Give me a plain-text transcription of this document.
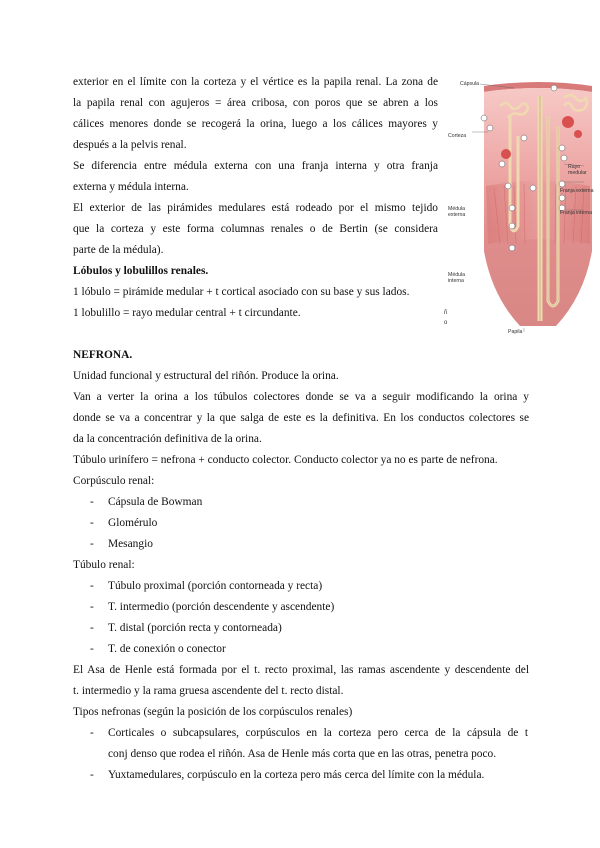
exterior en el límite con la corteza y el vértice es la papila renal. La zona de
la papila renal con agujeros = área cribosa, con poros que se abren a los
cálices menores donde se recogerá la orina, luego a los cálices mayores y
después a la pelvis renal.
Se diferencia entre médula externa con una franja interna y otra franja
externa y médula interna.
El exterior de las pirámides medulares está rodeado por el mismo tejido
que la corteza y este forma columnas renales o de Bertin (se considera
parte de la médula).
Lóbulos y lobulillos renales.
1 lóbulo = pirámide medular + t cortical asociado con su base y sus lados.
1 lobulillo = rayo medular central + t circundante.
Cápsula
Corteza
Médula externa
Médula interna
Rayo medular
Franja externa
Franja interna
Papila
ño
NEFRONA.
Unidad funcional y estructural del riñón. Produce la orina.
Van a verter la orina a los túbulos colectores donde se va a seguir modificando la orina y
donde se va a concentrar y la que salga de este es la definitiva. En los conductos colectores se
da la concentración definitiva de la orina.
Túbulo urinífero = nefrona + conducto colector. Conducto colector ya no es parte de nefrona.
Corpúsculo renal:
- Cápsula de Bowman
- Glomérulo
- Mesangio
Túbulo renal:
- Túbulo proximal (porción contorneada y recta)
- T. intermedio (porción descendente y ascendente)
- T. distal (porción recta y contorneada)
- T. de conexión o conector
El Asa de Henle está formada por el t. recto proximal, las ramas ascendente y descendente del
t. intermedio y la rama gruesa ascendente del t. recto distal.
Tipos nefronas (según la posición de los corpúsculos renales)
- Corticales o subcapsulares, corpúsculos en la corteza pero cerca de la cápsula de t
conj denso que rodea el riñón. Asa de Henle más corta que en las otras, penetra poco.
- Yuxtamedulares, corpúsculo en la corteza pero más cerca del límite con la médula.
